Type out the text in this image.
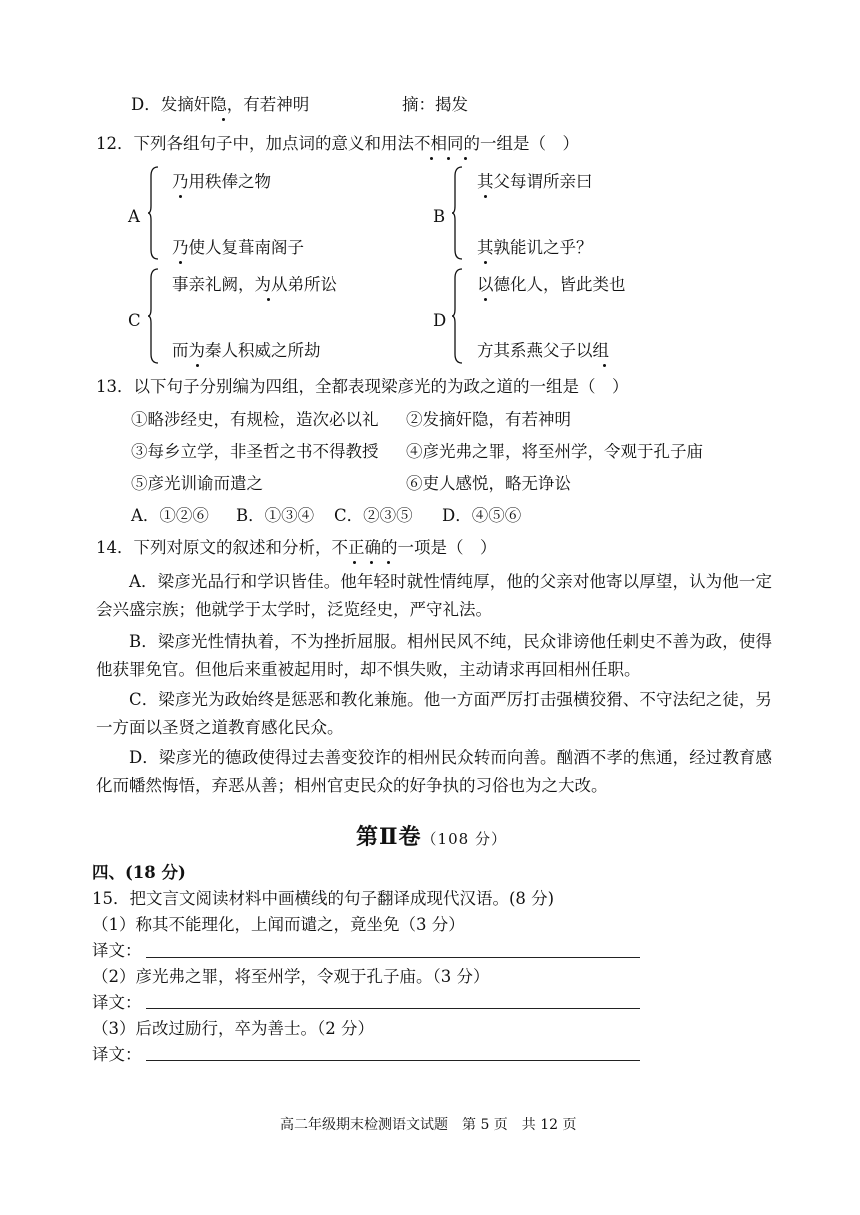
D．发摘奸隐，有若神明	摘：揭发
12．下列各组句子中，加点词的意义和用法不相同的一组是（　）
A
乃用秩俸之物
乃使人复葺南阁子
B
其父每谓所亲曰
其孰能讥之乎？
C
事亲礼阙，为从弟所讼
而为秦人积威之所劫
D
以德化人，皆此类也
方其系燕父子以组
13．以下句子分别编为四组，全都表现梁彦光的为政之道的一组是（　）
①略涉经史，有规检，造次必以礼 ②发摘奸隐，有若神明
③每乡立学，非圣哲之书不得教授 ④彦光弗之罪，将至州学，令观于孔子庙
⑤彦光训谕而遣之	⑥吏人感悦，略无诤讼
A．①②⑥ B．①③④ C．②③⑤ D．④⑤⑥
14．下列对原文的叙述和分析，不正确的一项是（　）
A．梁彦光品行和学识皆佳。他年轻时就性情纯厚，他的父亲对他寄以厚望，认为他一定会兴盛宗族；他就学于太学时，泛览经史，严守礼法。
B．梁彦光性情执着，不为挫折屈服。相州民风不纯，民众诽谤他任刺史不善为政，使得他获罪免官。但他后来重被起用时，却不惧失败，主动请求再回相州任职。
C．梁彦光为政始终是惩恶和教化兼施。他一方面严厉打击强横狡猾、不守法纪之徒，另一方面以圣贤之道教育感化民众。
D．梁彦光的德政使得过去善变狡诈的相州民众转而向善。酗酒不孝的焦通，经过教育感化而幡然悔悟，弃恶从善；相州官吏民众的好争执的习俗也为之大改。
第Ⅱ卷（108 分）
四、(18 分)
15．把文言文阅读材料中画横线的句子翻译成现代汉语。(8 分)
（1）称其不能理化，上闻而谴之，竟坐免（3 分）
译文：
（2）彦光弗之罪，将至州学，令观于孔子庙。（3 分）
译文：
（3）后改过励行，卒为善士。（2 分）
译文：
高二年级期末检测语文试题　第 5 页　共 12 页
